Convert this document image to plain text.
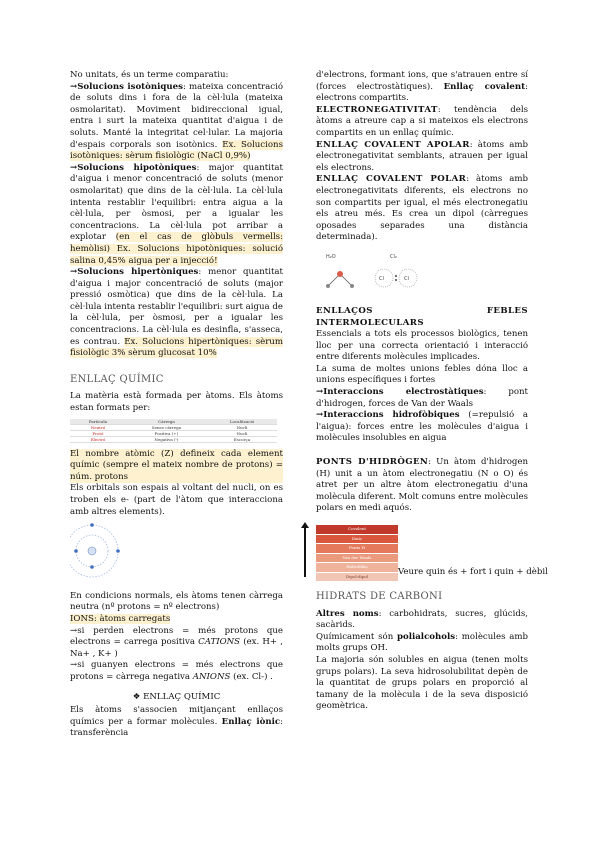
No unitats, és un terme comparatiu:

→Solucions isotòniques: mateixa concentració de soluts dins i fora de la cèl·lula (mateixa osmolaritat). Moviment bidireccional igual, entra i surt la mateixa quantitat d'aigua i de soluts. Manté la integritat cel·lular. La majoria d'espais corporals son isotònics. Ex. Solucions isotòniques: sèrum fisiològic (NaCl 0,9%)

→Solucions hipotòniques: major quantitat d'aigua i menor concentració de soluts (menor osmolaritat) que dins de la cèl·lula. La cèl·lula intenta restablir l'equilibri: entra aigua a la cèl·lula, per òsmosi, per a igualar les concentracions. La cèl·lula pot arribar a explotar (en el cas de glòbuls vermells: hemòlisi) Ex. Solucions hipotòniques: solució salina 0,45% aigua per a injecció!

→Solucions hipertòniques: menor quantitat d'aigua i major concentració de soluts (major pressió osmòtica) que dins de la cèl·lula. La cèl·lula intenta restablir l'equilibri: surt aigua de la cèl·lula, per òsmosi, per a igualar les concentracions. La cèl·lula es desinfla, s'asseca, es contrau. Ex. Solucions hipertòniques: sèrum fisiològic 3% sèrum glucosat 10%

ENLLAÇ QUÍMIC

La matèria està formada per àtoms. Els àtoms estan formats per:

Partícula	Càrrega	Localització
Neutró	Sense càrrega	Nucli
Protó	Positiva (+)	Nucli
Electró	Negativa (-)	Escorça

El nombre atòmic (Z) defineix cada element químic (sempre el mateix nombre de protons) = núm. protons

Els orbitals son espais al voltant del nucli, on es troben els e- (part de l'àtom que interacciona amb altres elements).

En condicions normals, els àtoms tenen càrrega neutra (nº protons = nº electrons)

IONS: àtoms carregats

→si perden electrons = més protons que electrons = carrega positiva CATIONS (ex. H+ , Na+ , K+ )

→si guanyen electrons = més electrons que protons = càrrega negativa ANIONS (ex. Cl-) .

❖ ENLLAÇ QUÍMIC

Els àtoms s'associen mitjançant enllaços químics per a formar molècules. Enllaç iònic: transferència

d'electrons, formant ions, que s'atrauen entre sí (forces electrostàtiques). Enllaç covalent: electrons compartits.

ELECTRONEGATIVITAT: tendència dels àtoms a atreure cap a si mateixos els electrons compartits en un enllaç químic.

ENLLAÇ COVALENT APOLAR: àtoms amb electronegativitat semblants, atrauen per igual els electrons.

ENLLAÇ COVALENT POLAR: àtoms amb electronegativitats diferents, els electrons no son compartits per igual, el més electronegatiu els atreu més. Es crea un dipol (càrregues oposades separades una distància determinada).

H₂O	Cl₂
Cl	Cl

ENLLAÇOS FEBLES INTERMOLECULARS

Essencials a tots els processos biològics, tenen lloc per una correcta orientació i interacció entre diferents molècules implicades.

La suma de moltes unions febles dóna lloc a unions específiques i fortes

→Interaccions electrostàtiques: pont d'hidrogen, forces de Van der Waals

→Interaccions hidrofòbiques (=repulsió a l'aigua): forces entre les molècules d'aigua i molècules insolubles en aigua

PONTS D'HIDRÒGEN: Un àtom d'hidrogen (H) unit a un àtom electronegatiu (N o O) és atret per un altre àtom electronegatiu d'una molècula diferent. Molt comuns entre molècules polars en medi aquós.

Covalent
Iònic
Ponts H
Van der Waals
Hidrofòbic
Dipol-dipol	Veure quin és + fort i quin + dèbil

HIDRATS DE CARBONI

Altres noms: carbohidrats, sucres, glúcids, sacàrids.

Químicament són polialcohols: molècules amb molts grups OH.

La majoria són solubles en aigua (tenen molts grups polars). La seva hidrosolubilitat depèn de la quantitat de grups polars en proporció al tamany de la molècula i de la seva disposició geomètrica.
